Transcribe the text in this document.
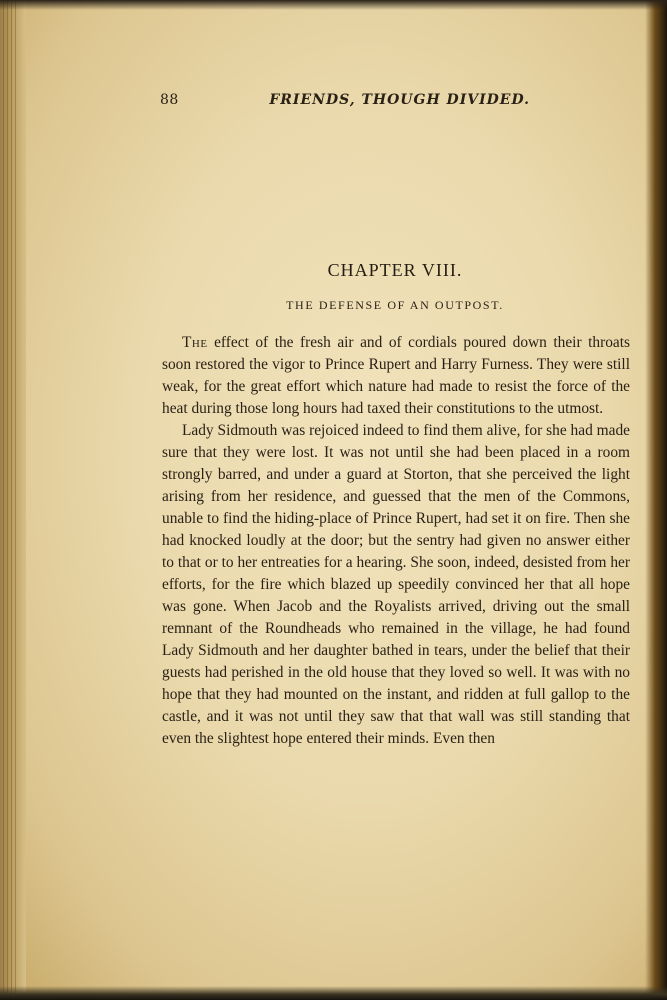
88	FRIENDS, THOUGH DIVIDED.
CHAPTER VIII.
THE DEFENSE OF AN OUTPOST.

The effect of the fresh air and of cordials poured down their throats soon restored the vigor to Prince Rupert and Harry Furness. They were still weak, for the great effort which nature had made to resist the force of the heat during those long hours had taxed their constitutions to the utmost.

Lady Sidmouth was rejoiced indeed to find them alive, for she had made sure that they were lost. It was not until she had been placed in a room strongly barred, and under a guard at Storton, that she perceived the light arising from her residence, and guessed that the men of the Commons, unable to find the hiding-place of Prince Rupert, had set it on fire. Then she had knocked loudly at the door; but the sentry had given no answer either to that or to her entreaties for a hearing. She soon, indeed, desisted from her efforts, for the fire which blazed up speedily convinced her that all hope was gone. When Jacob and the Royalists arrived, driving out the small remnant of the Roundheads who remained in the village, he had found Lady Sidmouth and her daughter bathed in tears, under the belief that their guests had perished in the old house that they loved so well. It was with no hope that they had mounted on the instant, and ridden at full gallop to the castle, and it was not until they saw that that wall was still standing that even the slightest hope entered their minds. Even then
